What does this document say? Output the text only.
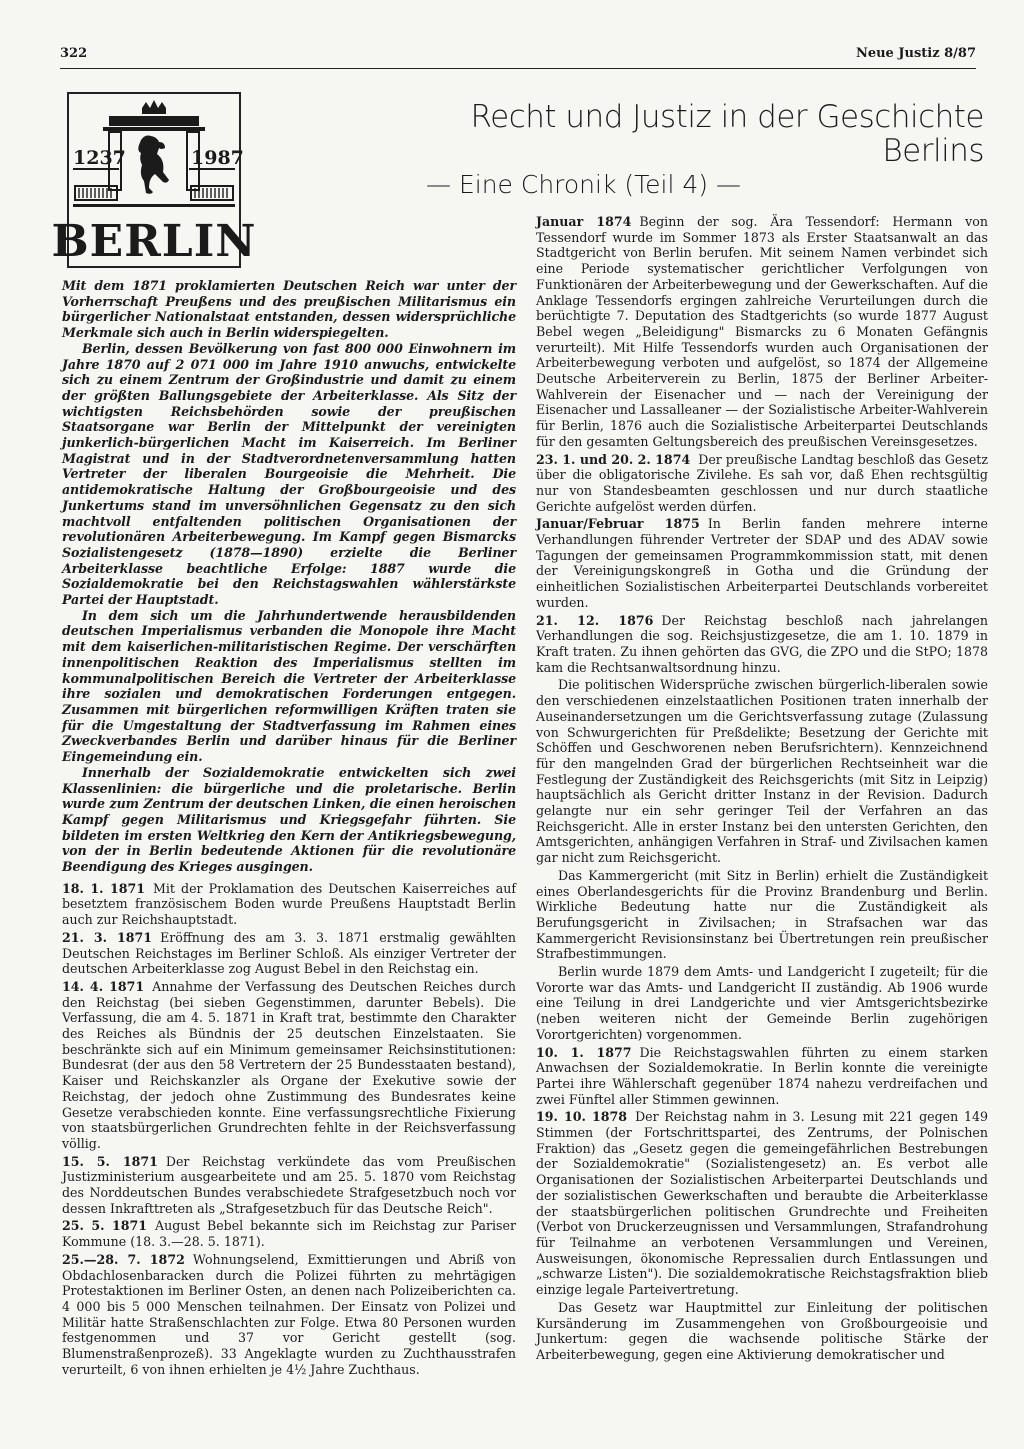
322	Neue Justiz 8/87
1237	1987
BERLIN
Recht und Justiz in der Geschichte Berlins
— Eine Chronik (Teil 4) —

Mit dem 1871 proklamierten Deutschen Reich war unter der Vorherrschaft Preußens und des preußischen Militarismus ein bürgerlicher Nationalstaat entstanden, dessen widersprüchliche Merkmale sich auch in Berlin widerspiegelten.

Berlin, dessen Bevölkerung von fast 800 000 Einwohnern im Jahre 1870 auf 2 071 000 im Jahre 1910 anwuchs, entwickelte sich zu einem Zentrum der Großindustrie und damit zu einem der größten Ballungsgebiete der Arbeiterklasse. Als Sitz der wichtigsten Reichsbehörden sowie der preußischen Staatsorgane war Berlin der Mittelpunkt der vereinigten junkerlich-bürgerlichen Macht im Kaiserreich. Im Berliner Magistrat und in der Stadtverordnetenversammlung hatten Vertreter der liberalen Bourgeoisie die Mehrheit. Die antidemokratische Haltung der Großbourgeoisie und des Junkertums stand im unversöhnlichen Gegensatz zu den sich machtvoll entfaltenden politischen Organisationen der revolutionären Arbeiterbewegung. Im Kampf gegen Bismarcks Sozialistengesetz (1878—1890) erzielte die Berliner Arbeiterklasse beachtliche Erfolge: 1887 wurde die Sozialdemokratie bei den Reichstagswahlen wählerstärkste Partei der Hauptstadt.

In dem sich um die Jahrhundertwende herausbildenden deutschen Imperialismus verbanden die Monopole ihre Macht mit dem kaiserlichen-militaristischen Regime. Der verschärften innenpolitischen Reaktion des Imperialismus stellten im kommunalpolitischen Bereich die Vertreter der Arbeiterklasse ihre sozialen und demokratischen Forderungen entgegen. Zusammen mit bürgerlichen reformwilligen Kräften traten sie für die Umgestaltung der Stadtverfassung im Rahmen eines Zweckverbandes Berlin und darüber hinaus für die Berliner Eingemeindung ein.

Innerhalb der Sozialdemokratie entwickelten sich zwei Klassenlinien: die bürgerliche und die proletarische. Berlin wurde zum Zentrum der deutschen Linken, die einen heroischen Kampf gegen Militarismus und Kriegsgefahr führten. Sie bildeten im ersten Weltkrieg den Kern der Antikriegsbewegung, von der in Berlin bedeutende Aktionen für die revolutionäre Beendigung des Krieges ausgingen.

18. 1. 1871 Mit der Proklamation des Deutschen Kaiserreiches auf besetztem französischem Boden wurde Preußens Hauptstadt Berlin auch zur Reichshauptstadt.

21. 3. 1871 Eröffnung des am 3. 3. 1871 erstmalig gewählten Deutschen Reichstages im Berliner Schloß. Als einziger Vertreter der deutschen Arbeiterklasse zog August Bebel in den Reichstag ein.

14. 4. 1871 Annahme der Verfassung des Deutschen Reiches durch den Reichstag (bei sieben Gegenstimmen, darunter Bebels). Die Verfassung, die am 4. 5. 1871 in Kraft trat, bestimmte den Charakter des Reiches als Bündnis der 25 deutschen Einzelstaaten. Sie beschränkte sich auf ein Minimum gemeinsamer Reichsinstitutionen: Bundesrat (der aus den 58 Vertretern der 25 Bundesstaaten bestand), Kaiser und Reichskanzler als Organe der Exekutive sowie der Reichstag, der jedoch ohne Zustimmung des Bundesrates keine Gesetze verabschieden konnte. Eine verfassungsrechtliche Fixierung von staatsbürgerlichen Grundrechten fehlte in der Reichsverfassung völlig.

15. 5. 1871 Der Reichstag verkündete das vom Preußischen Justizministerium ausgearbeitete und am 25. 5. 1870 vom Reichstag des Norddeutschen Bundes verabschiedete Strafgesetzbuch noch vor dessen Inkrafttreten als „Strafgesetzbuch für das Deutsche Reich".

25. 5. 1871 August Bebel bekannte sich im Reichstag zur Pariser Kommune (18. 3.—28. 5. 1871).

25.—28. 7. 1872 Wohnungselend, Exmittierungen und Abriß von Obdachlosenbaracken durch die Polizei führten zu mehrtägigen Protestaktionen im Berliner Osten, an denen nach Polizeiberichten ca. 4 000 bis 5 000 Menschen teilnahmen. Der Einsatz von Polizei und Militär hatte Straßenschlachten zur Folge. Etwa 80 Personen wurden festgenommen und 37 vor Gericht gestellt (sog. Blumenstraßenprozeß). 33 Angeklagte wurden zu Zuchthausstrafen verurteilt, 6 von ihnen erhielten je 4½ Jahre Zuchthaus.

Januar 1874 Beginn der sog. Ära Tessendorf: Hermann von Tessendorf wurde im Sommer 1873 als Erster Staatsanwalt an das Stadtgericht von Berlin berufen. Mit seinem Namen verbindet sich eine Periode systematischer gerichtlicher Verfolgungen von Funktionären der Arbeiterbewegung und der Gewerkschaften. Auf die Anklage Tessendorfs ergingen zahlreiche Verurteilungen durch die berüchtigte 7. Deputation des Stadtgerichts (so wurde 1877 August Bebel wegen „Beleidigung" Bismarcks zu 6 Monaten Gefängnis verurteilt). Mit Hilfe Tessendorfs wurden auch Organisationen der Arbeiterbewegung verboten und aufgelöst, so 1874 der Allgemeine Deutsche Arbeiterverein zu Berlin, 1875 der Berliner Arbeiter-Wahlverein der Eisenacher und — nach der Vereinigung der Eisenacher und Lassalleaner — der Sozialistische Arbeiter-Wahlverein für Berlin, 1876 auch die Sozialistische Arbeiterpartei Deutschlands für den gesamten Geltungsbereich des preußischen Vereinsgesetzes.

23. 1. und 20. 2. 1874 Der preußische Landtag beschloß das Gesetz über die obligatorische Zivilehe. Es sah vor, daß Ehen rechtsgültig nur von Standesbeamten geschlossen und nur durch staatliche Gerichte aufgelöst werden dürfen.

Januar/Februar 1875 In Berlin fanden mehrere interne Verhandlungen führender Vertreter der SDAP und des ADAV sowie Tagungen der gemeinsamen Programmkommission statt, mit denen der Vereinigungskongreß in Gotha und die Gründung der einheitlichen Sozialistischen Arbeiterpartei Deutschlands vorbereitet wurden.

21. 12. 1876 Der Reichstag beschloß nach jahrelangen Verhandlungen die sog. Reichsjustizgesetze, die am 1. 10. 1879 in Kraft traten. Zu ihnen gehörten das GVG, die ZPO und die StPO; 1878 kam die Rechtsanwaltsordnung hinzu.

Die politischen Widersprüche zwischen bürgerlich-liberalen sowie den verschiedenen einzelstaatlichen Positionen traten innerhalb der Auseinandersetzungen um die Gerichtsverfassung zutage (Zulassung von Schwurgerichten für Preßdelikte; Besetzung der Gerichte mit Schöffen und Geschworenen neben Berufsrichtern). Kennzeichnend für den mangelnden Grad der bürgerlichen Rechtseinheit war die Festlegung der Zuständigkeit des Reichsgerichts (mit Sitz in Leipzig) hauptsächlich als Gericht dritter Instanz in der Revision. Dadurch gelangte nur ein sehr geringer Teil der Verfahren an das Reichsgericht. Alle in erster Instanz bei den untersten Gerichten, den Amtsgerichten, anhängigen Verfahren in Straf- und Zivilsachen kamen gar nicht zum Reichsgericht.

Das Kammergericht (mit Sitz in Berlin) erhielt die Zuständigkeit eines Oberlandesgerichts für die Provinz Brandenburg und Berlin. Wirkliche Bedeutung hatte nur die Zuständigkeit als Berufungsgericht in Zivilsachen; in Strafsachen war das Kammergericht Revisionsinstanz bei Übertretungen rein preußischer Strafbestimmungen.

Berlin wurde 1879 dem Amts- und Landgericht I zugeteilt; für die Vororte war das Amts- und Landgericht II zuständig. Ab 1906 wurde eine Teilung in drei Landgerichte und vier Amtsgerichtsbezirke (neben weiteren nicht der Gemeinde Berlin zugehörigen Vorortgerichten) vorgenommen.

10. 1. 1877 Die Reichstagswahlen führten zu einem starken Anwachsen der Sozialdemokratie. In Berlin konnte die vereinigte Partei ihre Wählerschaft gegenüber 1874 nahezu verdreifachen und zwei Fünftel aller Stimmen gewinnen.

19. 10. 1878 Der Reichstag nahm in 3. Lesung mit 221 gegen 149 Stimmen (der Fortschrittspartei, des Zentrums, der Polnischen Fraktion) das „Gesetz gegen die gemeingefährlichen Bestrebungen der Sozialdemokratie" (Sozialistengesetz) an. Es verbot alle Organisationen der Sozialistischen Arbeiterpartei Deutschlands und der sozialistischen Gewerkschaften und beraubte die Arbeiterklasse der staatsbürgerlichen politischen Grundrechte und Freiheiten (Verbot von Druckerzeugnissen und Versammlungen, Strafandrohung für Teilnahme an verbotenen Versammlungen und Vereinen, Ausweisungen, ökonomische Repressalien durch Entlassungen und „schwarze Listen"). Die sozialdemokratische Reichstagsfraktion blieb einzige legale Parteivertretung.

Das Gesetz war Hauptmittel zur Einleitung der politischen Kursänderung im Zusammengehen von Großbourgeoisie und Junkertum: gegen die wachsende politische Stärke der Arbeiterbewegung, gegen eine Aktivierung demokratischer und
